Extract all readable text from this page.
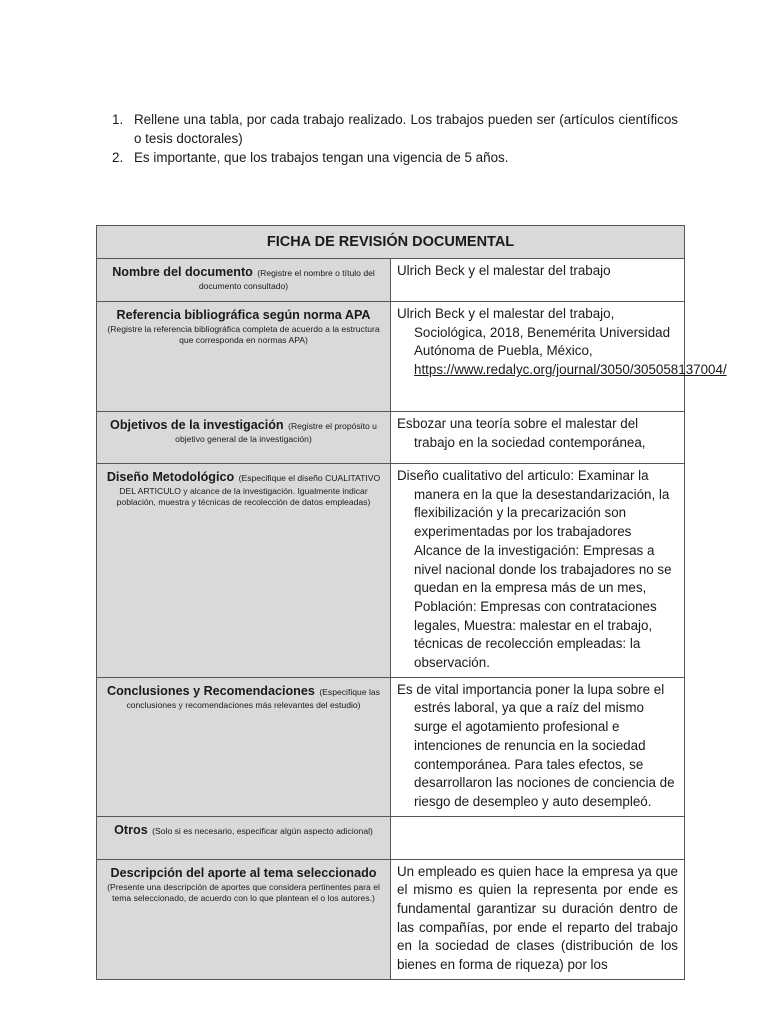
1. Rellene una tabla, por cada trabajo realizado. Los trabajos pueden ser (artículos científicos o tesis doctorales)
2. Es importante, que los trabajos tengan una vigencia de 5 años.
FICHA DE REVISIÓN DOCUMENTAL	
Nombre del documento (Registre el nombre o título del documento consultado)	Ulrich Beck y el malestar del trabajo

Referencia bibliográfica según norma APA (Registre la referencia bibliográfica completa de acuerdo a la estructura que corresponda en normas APA)	Ulrich Beck y el malestar del trabajo, Sociológica, 2018, Benemérita Universidad Autónoma de Puebla, México, https://www.redalyc.org/journal/3050/305058137004/

Objetivos de la investigación (Registre el propósito u objetivo general de la investigación)	Esbozar una teoría sobre el malestar del trabajo en la sociedad contemporánea,

Diseño Metodológico (Especifique el diseño CUALITATIVO DEL ARTICULO y alcance de la investigación. Igualmente indicar población, muestra y técnicas de recolección de datos empleadas)	Diseño cualitativo del articulo: Examinar la manera en la que la desestandarización, la flexibilización y la precarización son experimentadas por los trabajadores Alcance de la investigación: Empresas a nivel nacional donde los trabajadores no se quedan en la empresa más de un mes, Población: Empresas con contrataciones legales, Muestra: malestar en el trabajo, técnicas de recolección empleadas: la observación.

Conclusiones y Recomendaciones (Especifique las conclusiones y recomendaciones más relevantes del estudio)	Es de vital importancia poner la lupa sobre el estrés laboral, ya que a raíz del mismo surge el agotamiento profesional e intenciones de renuncia en la sociedad contemporánea. Para tales efectos, se desarrollaron las nociones de conciencia de riesgo de desempleo y auto desempleó.

Otros (Solo si es necesario, especificar algún aspecto adicional)	

Descripción del aporte al tema seleccionado (Presente una descripción de aportes que considera pertinentes para el tema seleccionado, de acuerdo con lo que plantean el o los autores.)	Un empleado es quien hace la empresa ya que el mismo es quien la representa por ende es fundamental garantizar su duración dentro de las compañías, por ende el reparto del trabajo en la sociedad de clases (distribución de los bienes en forma de riqueza) por los
